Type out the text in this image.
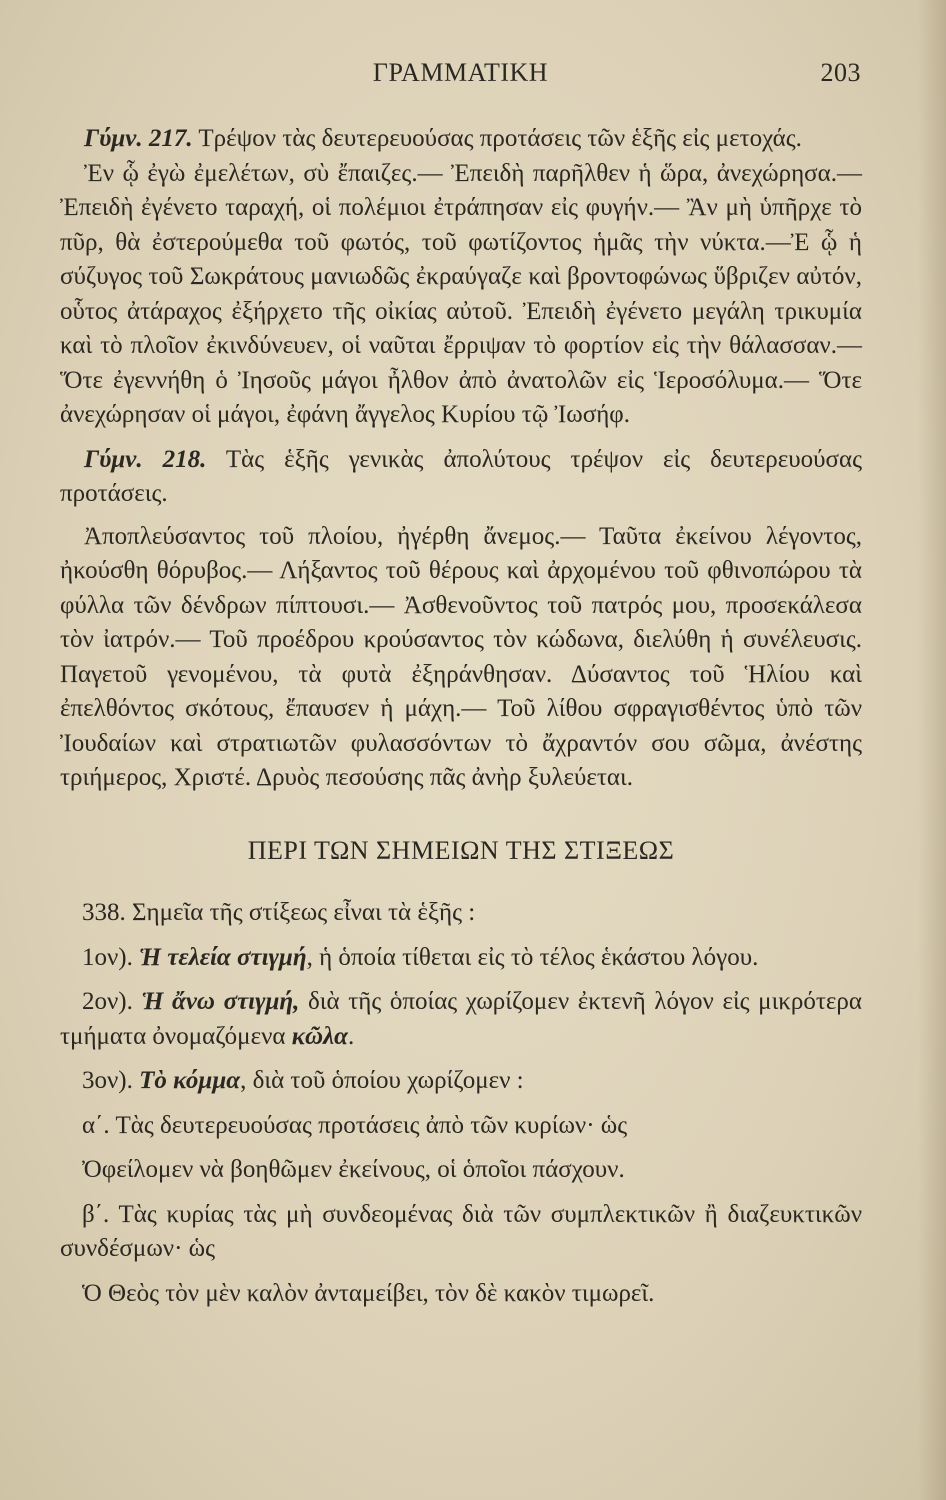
ΓΡΑΜΜΑΤΙΚΗ	203

Γύμν. 217. Τρέψον τὰς δευτερευούσας προτάσεις τῶν ἑξῆς εἰς μετοχάς.

Ἐν ᾧ ἐγὼ ἐμελέτων, σὺ ἔπαιζες.— Ἐπειδὴ παρῆλθεν ἡ ὥρα, ἀνεχώρησα.— Ἐπειδὴ ἐγένετο ταραχή, οἱ πολέμιοι ἐτράπησαν εἰς φυγήν.— Ἂν μὴ ὑπῆρχε τὸ πῦρ, θὰ ἐστερούμεθα τοῦ φωτός, τοῦ φωτίζοντος ἡμᾶς τὴν νύκτα.—Ἐ ᾧ ἡ σύζυγος τοῦ Σωκράτους μανιωδῶς ἐκραύγαζε καὶ βροντοφώνως ὕβριζεν αὐτόν, οὗτος ἀτάραχος ἐξήρχετο τῆς οἰκίας αὐτοῦ. Ἐπειδὴ ἐγένετο μεγάλη τρικυμία καὶ τὸ πλοῖον ἐκινδύνευεν, οἱ ναῦται ἔρριψαν τὸ φορτίον εἰς τὴν θάλασσαν.— Ὅτε ἐγεννήθη ὁ Ἰησοῦς μάγοι ἦλθον ἀπὸ ἀνατολῶν εἰς Ἱεροσόλυμα.— Ὅτε ἀνεχώρησαν οἱ μάγοι, ἐφάνη ἄγγελος Κυρίου τῷ Ἰωσήφ.

Γύμν. 218. Τὰς ἑξῆς γενικὰς ἀπολύτους τρέψον εἰς δευτερευούσας προτάσεις.

Ἀποπλεύσαντος τοῦ πλοίου, ἠγέρθη ἄνεμος.— Ταῦτα ἐκείνου λέγοντος, ἠκούσθη θόρυβος.— Λήξαντος τοῦ θέρους καὶ ἀρχομένου τοῦ φθινοπώρου τὰ φύλλα τῶν δένδρων πίπτουσι.— Ἀσθενοῦντος τοῦ πατρός μου, προσεκάλεσα τὸν ἰατρόν.— Τοῦ προέδρου κρούσαντος τὸν κώδωνα, διελύθη ἡ συνέλευσις. Παγετοῦ γενομένου, τὰ φυτὰ ἐξηράνθησαν. Δύσαντος τοῦ Ἡλίου καὶ ἐπελθόντος σκότους, ἔπαυσεν ἡ μάχη.— Τοῦ λίθου σφραγισθέντος ὑπὸ τῶν Ἰουδαίων καὶ στρατιωτῶν φυλασσόντων τὸ ἄχραντόν σου σῶμα, ἀνέστης τριήμερος, Χριστέ. Δρυὸς πεσούσης πᾶς ἀνὴρ ξυλεύεται.

ΠΕΡΙ ΤΩΝ ΣΗΜΕΙΩΝ ΤΗΣ ΣΤΙΞΕΩΣ

338. Σημεῖα τῆς στίξεως εἶναι τὰ ἑξῆς :

1ον). Ἡ τελεία στιγμή, ἡ ὁποία τίθεται εἰς τὸ τέλος ἑκάστου λόγου.

2ον). Ἡ ἄνω στιγμή, διὰ τῆς ὁποίας χωρίζομεν ἐκτενῆ λόγον εἰς μικρότερα τμήματα ὀνομαζόμενα κῶλα.

3ον). Τὸ κόμμα, διὰ τοῦ ὁποίου χωρίζομεν :

α΄. Τὰς δευτερευούσας προτάσεις ἀπὸ τῶν κυρίων· ὡς

Ὀφείλομεν νὰ βοηθῶμεν ἐκείνους, οἱ ὁποῖοι πάσχουν.

β΄. Τὰς κυρίας τὰς μὴ συνδεομένας διὰ τῶν συμπλεκτικῶν ἢ διαζευκτικῶν συνδέσμων· ὡς

Ὁ Θεὸς τὸν μὲν καλὸν ἀνταμείβει, τὸν δὲ κακὸν τιμωρεῖ.
